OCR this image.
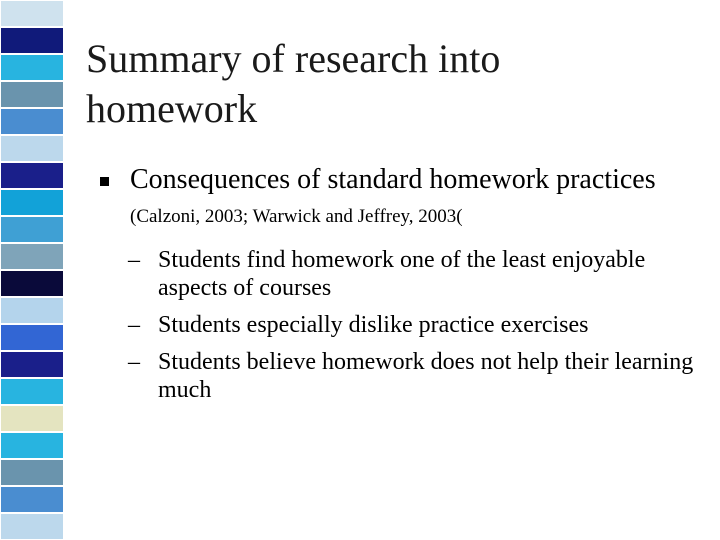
Summary of research into
homework
Consequences of standard homework practices (Calzoni, 2003; Warwick and Jeffrey, 2003(
– Students find homework one of the least enjoyable aspects of courses
– Students especially dislike practice exercises
– Students believe homework does not help their learning much
